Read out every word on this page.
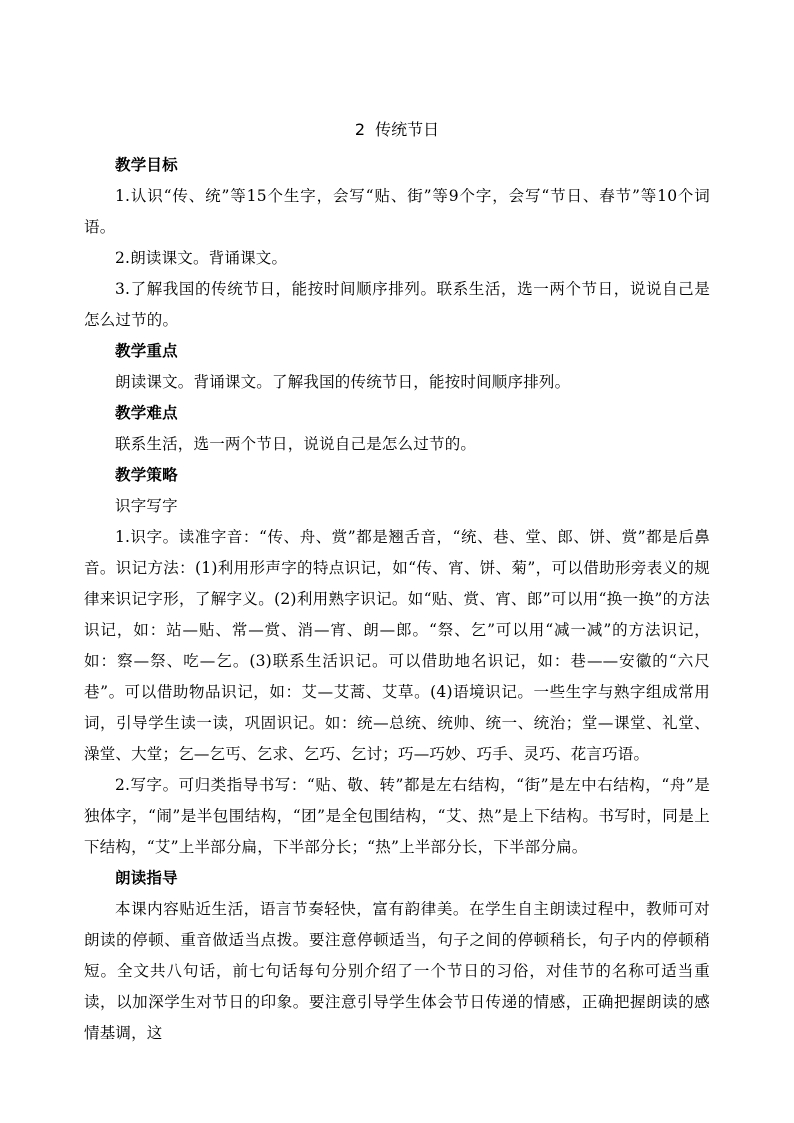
2 传统节日

教学目标

1.认识“传、统”等15个生字，会写“贴、街”等9个字，会写“节日、春节”等10个词语。

2.朗读课文。背诵课文。

3.了解我国的传统节日，能按时间顺序排列。联系生活，选一两个节日，说说自己是怎么过节的。

教学重点

朗读课文。背诵课文。了解我国的传统节日，能按时间顺序排列。

教学难点

联系生活，选一两个节日，说说自己是怎么过节的。

教学策略

识字写字

1.识字。读准字音：“传、舟、赏”都是翘舌音，“统、巷、堂、郎、饼、赏”都是后鼻音。识记方法：(1)利用形声字的特点识记，如“传、宵、饼、菊”，可以借助形旁表义的规律来识记字形，了解字义。(2)利用熟字识记。如“贴、赏、宵、郎”可以用“换一换”的方法识记，如：站—贴、常—赏、消—宵、朗—郎。“祭、乞”可以用“减一减”的方法识记，如：察—祭、吃—乞。(3)联系生活识记。可以借助地名识记，如：巷——安徽的“六尺巷”。可以借助物品识记，如：艾—艾蒿、艾草。(4)语境识记。一些生字与熟字组成常用词，引导学生读一读，巩固识记。如：统—总统、统帅、统一、统治；堂—课堂、礼堂、澡堂、大堂；乞—乞丐、乞求、乞巧、乞讨；巧—巧妙、巧手、灵巧、花言巧语。

2.写字。可归类指导书写：“贴、敬、转”都是左右结构，“街”是左中右结构，“舟”是独体字，“闹”是半包围结构，“团”是全包围结构，“艾、热”是上下结构。书写时，同是上下结构，“艾”上半部分扁，下半部分长；“热”上半部分长，下半部分扁。

朗读指导

本课内容贴近生活，语言节奏轻快，富有韵律美。在学生自主朗读过程中，教师可对朗读的停顿、重音做适当点拨。要注意停顿适当，句子之间的停顿稍长，句子内的停顿稍短。全文共八句话，前七句话每句分别介绍了一个节日的习俗，对佳节的名称可适当重读，以加深学生对节日的印象。要注意引导学生体会节日传递的情感，正确把握朗读的感情基调，这
